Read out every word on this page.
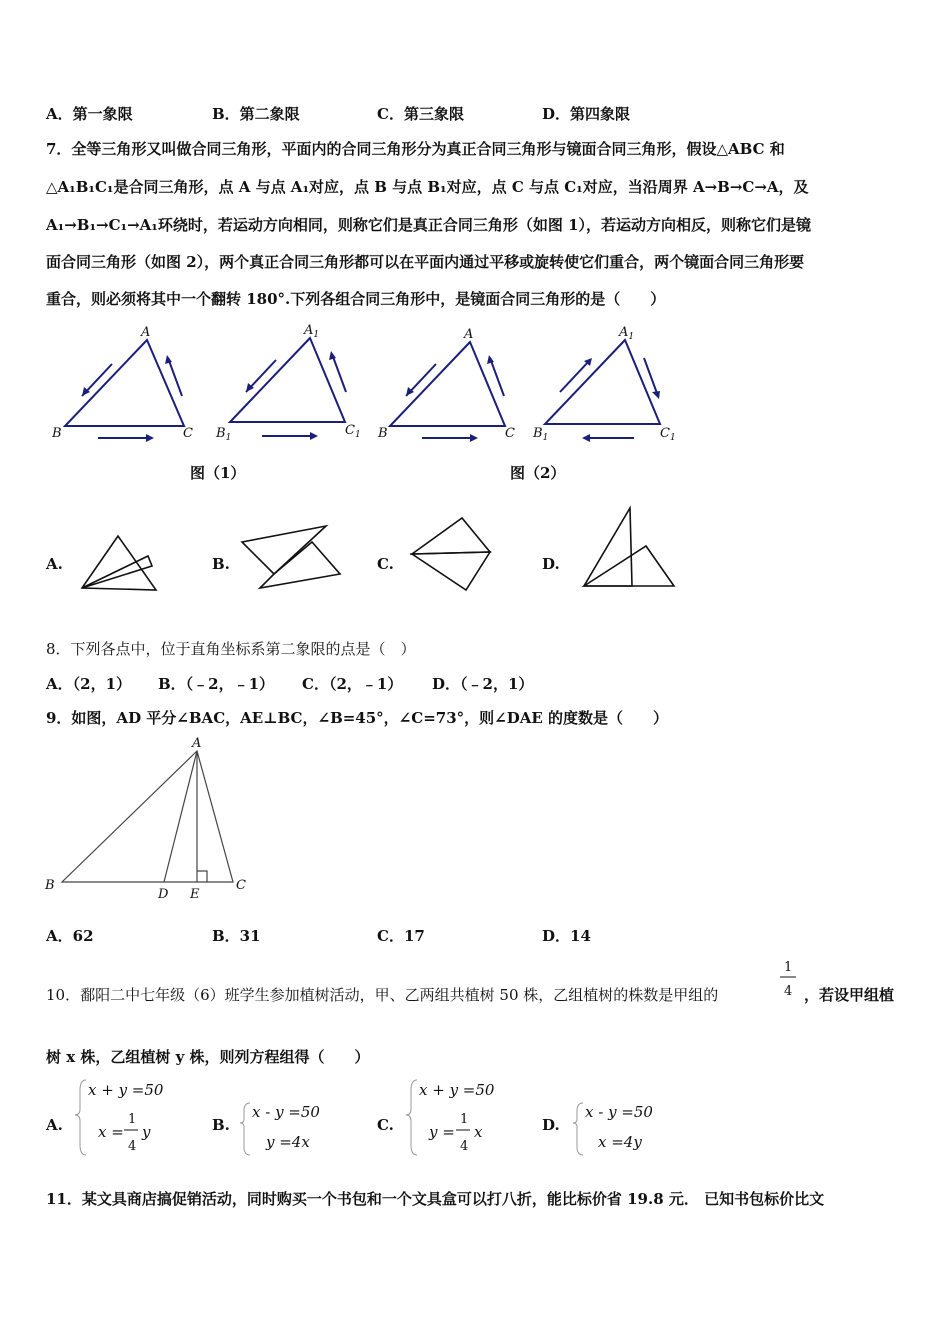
A．第一象限	B．第二象限	C．第三象限	D．第四象限
7．全等三角形又叫做合同三角形，平面内的合同三角形分为真正合同三角形与镜面合同三角形，假设△ABC 和
△A₁B₁C₁是合同三角形，点 A 与点 A₁对应，点 B 与点 B₁对应，点 C 与点 C₁对应，当沿周界 A→B→C→A，及
A₁→B₁→C₁→A₁环绕时，若运动方向相同，则称它们是真正合同三角形（如图 1），若运动方向相反，则称它们是镜
面合同三角形（如图 2），两个真正合同三角形都可以在平面内通过平移或旋转使它们重合，两个镜面合同三角形要
重合，则必须将其中一个翻转 180°.下列各组合同三角形中，是镜面合同三角形的是（　　）
A
B	C
$A_1$
$B_1$	$C_1$
A
B	C
$A_1$
$B_1$	$C_1$
图（1）	图（2）
A.	B.	C.	D.
8．下列各点中，位于直角坐标系第二象限的点是（　）
A．（2，1） B．（﹣2，﹣1） C．（2，﹣1） D．（﹣2，1）
9．如图，AD 平分∠BAC，AE⊥BC，∠B=45°，∠C=73°，则∠DAE 的度数是（　　）
A
B	C
D E
A．62	B．31	C．17	D．14
10．鄱阳二中七年级（6）班学生参加植树活动，甲、乙两组共植树 50 株，乙组植树的株数是甲组的
1
4 ，若设甲组植
树 x 株，乙组植树 y 株，则列方程组得（　　）
A.	B.	C.	D.
x + y =50
x =
1
4
y
x - y =50
y =4x
x + y =50
y =
1
4
x
x - y =50
x =4y
11．某文具商店搞促销活动，同时购买一个书包和一个文具盒可以打八折，能比标价省 19.8 元． 已知书包标价比文
